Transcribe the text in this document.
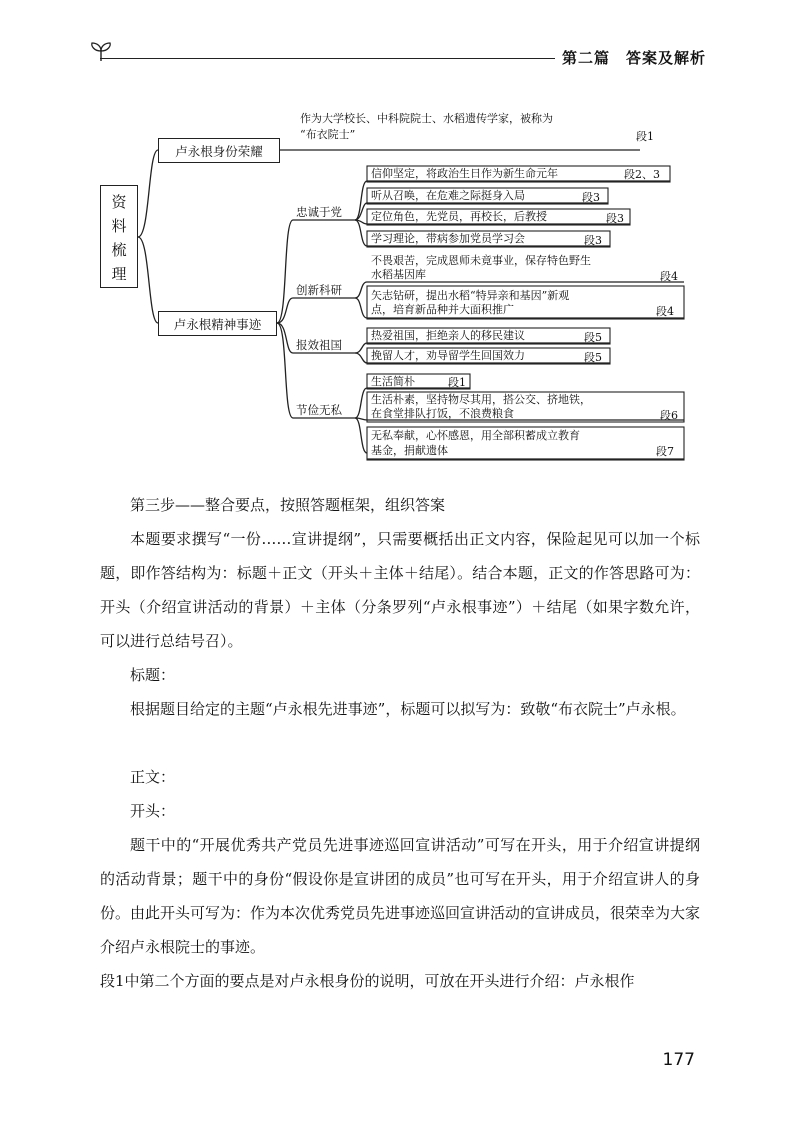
第二篇　答案及解析
资料梳理
卢永根身份荣耀
作为大学校长、中科院院士、水稻遗传学家，被称为
“布衣院士”	段1
卢永根精神事迹
忠诚于党
创新科研
报效祖国
节俭无私
信仰坚定，将政治生日作为新生命元年	段2、3
听从召唤，在危难之际挺身入局	段3
定位角色，先党员，再校长，后教授	段3
学习理论，带病参加党员学习会	段3
不畏艰苦，完成恩师未竟事业，保存特色野生
水稻基因库	段4
矢志钻研，提出水稻“特异亲和基因”新观
点，培育新品种并大面积推广	段4
热爱祖国，拒绝亲人的移民建议	段5
挽留人才，劝导留学生回国效力	段5
生活简朴	段1
生活朴素，坚持物尽其用，搭公交、挤地铁，
在食堂排队打饭，不浪费粮食	段6
无私奉献，心怀感恩，用全部积蓄成立教育
基金，捐献遗体	段7

第三步——整合要点，按照答题框架，组织答案

本题要求撰写“一份……宣讲提纲”，只需要概括出正文内容，保险起见可以加一个标题，即作答结构为：标题＋正文（开头＋主体＋结尾）。结合本题，正文的作答思路可为：开头（介绍宣讲活动的背景）＋主体（分条罗列“卢永根事迹”）＋结尾（如果字数允许，可以进行总结号召）。

标题：

根据题目给定的主题“卢永根先进事迹”，标题可以拟写为：致敬“布衣院士”卢永根。

正文：

开头：

题干中的“开展优秀共产党员先进事迹巡回宣讲活动”可写在开头，用于介绍宣讲提纲的活动背景；题干中的身份“假设你是宣讲团的成员”也可写在开头，用于介绍宣讲人的身份。由此开头可写为：作为本次优秀党员先进事迹巡回宣讲活动的宣讲成员，很荣幸为大家介绍卢永根院士的事迹。

段1中第二个方面的要点是对卢永根身份的说明，可放在开头进行介绍：卢永根作

177
